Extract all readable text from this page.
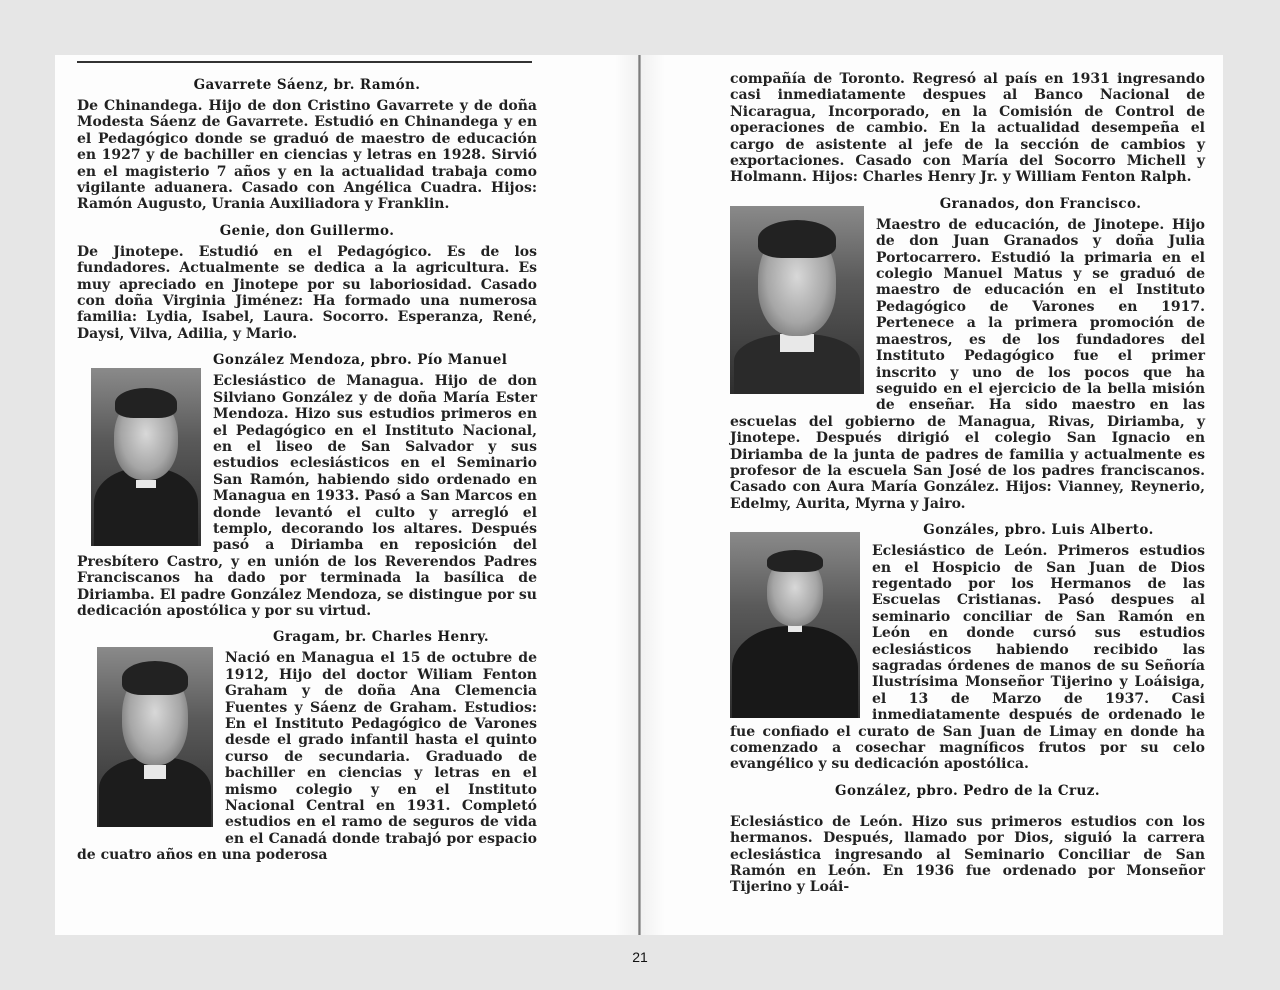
Gavarrete Sáenz, br. Ramón.

De Chinandega. Hijo de don Cristino Gavarrete y de doña Modesta Sáenz de Gavarrete. Estudió en Chinandega y en el Pedagógico donde se graduó de maestro de educación en 1927 y de bachiller en ciencias y letras en 1928. Sirvió en el magisterio 7 años y en la actualidad trabaja como vigilante aduanera. Casado con Angélica Cuadra. Hijos: Ramón Augusto, Urania Auxiliadora y Franklin.

Genie, don Guillermo.

De Jinotepe. Estudió en el Pedagógico. Es de los fundadores. Actualmente se dedica a la agricultura. Es muy apreciado en Jinotepe por su laboriosidad. Casado con doña Virginia Jiménez: Ha formado una numerosa familia: Lydia, Isabel, Laura. Socorro. Esperanza, René, Daysi, Vilva, Adilia, y Mario.

González Mendoza, pbro. Pío Manuel

Eclesiástico de Managua. Hijo de don Silviano González y de doña María Ester Mendoza. Hizo sus estudios primeros en el Pedagógico en el Instituto Nacional, en el liseo de San Salvador y sus estudios eclesiásticos en el Seminario San Ramón, habiendo sido ordenado en Managua en 1933. Pasó a San Marcos en donde levantó el culto y arregló el templo, decorando los altares. Después pasó a Diriamba en reposición del Presbítero Castro, y en unión de los Reverendos Padres Franciscanos ha dado por terminada la basílica de Diriamba. El padre González Mendoza, se distingue por su dedicación apostólica y por su virtud.

Gragam, br. Charles Henry.

Nació en Managua el 15 de octubre de 1912, Hijo del doctor Wiliam Fenton Graham y de doña Ana Clemencia Fuentes y Sáenz de Graham. Estudios: En el Instituto Pedagógico de Varones desde el grado infantil hasta el quinto curso de secundaria. Graduado de bachiller en ciencias y letras en el mismo colegio y en el Instituto Nacional Central en 1931. Completó estudios en el ramo de seguros de vida en el Canadá donde trabajó por espacio de cuatro años en una poderosa

compañía de Toronto. Regresó al país en 1931 ingresando casi inmediatamente despues al Banco Nacional de Nicaragua, Incorporado, en la Comisión de Control de operaciones de cambio. En la actualidad desempeña el cargo de asistente al jefe de la sección de cambios y exportaciones. Casado con María del Socorro Michell y Holmann. Hijos: Charles Henry Jr. y William Fenton Ralph.

Granados, don Francisco.

Maestro de educación, de Jinotepe. Hijo de don Juan Granados y doña Julia Portocarrero. Estudió la primaria en el colegio Manuel Matus y se graduó de maestro de educación en el Instituto Pedagógico de Varones en 1917. Pertenece a la primera promoción de maestros, es de los fundadores del Instituto Pedagógico fue el primer inscrito y uno de los pocos que ha seguido en el ejercicio de la bella misión de enseñar. Ha sido maestro en las escuelas del gobierno de Managua, Rivas, Diriamba, y Jinotepe. Después dirigió el colegio San Ignacio en Diriamba de la junta de padres de familia y actualmente es profesor de la escuela San José de los padres franciscanos. Casado con Aura María González. Hijos: Vianney, Reynerio, Edelmy, Aurita, Myrna y Jairo.

Gonzáles, pbro. Luis Alberto.

Eclesiástico de León. Primeros estudios en el Hospicio de San Juan de Dios regentado por los Hermanos de las Escuelas Cristianas. Pasó despues al seminario conciliar de San Ramón en León en donde cursó sus estudios eclesiásticos habiendo recibido las sagradas órdenes de manos de su Señoría Ilustrísima Monseñor Tijerino y Loáisiga, el 13 de Marzo de 1937. Casi inmediatamente después de ordenado le fue confiado el curato de San Juan de Limay en donde ha comenzado a cosechar magníficos frutos por su celo evangélico y su dedicación apostólica.

González, pbro. Pedro de la Cruz.

Eclesiástico de León. Hizo sus primeros estudios con los hermanos. Después, llamado por Dios, siguió la carrera eclesiástica ingresando al Seminario Conciliar de San Ramón en León. En 1936 fue ordenado por Monseñor Tijerino y Loái-

21
